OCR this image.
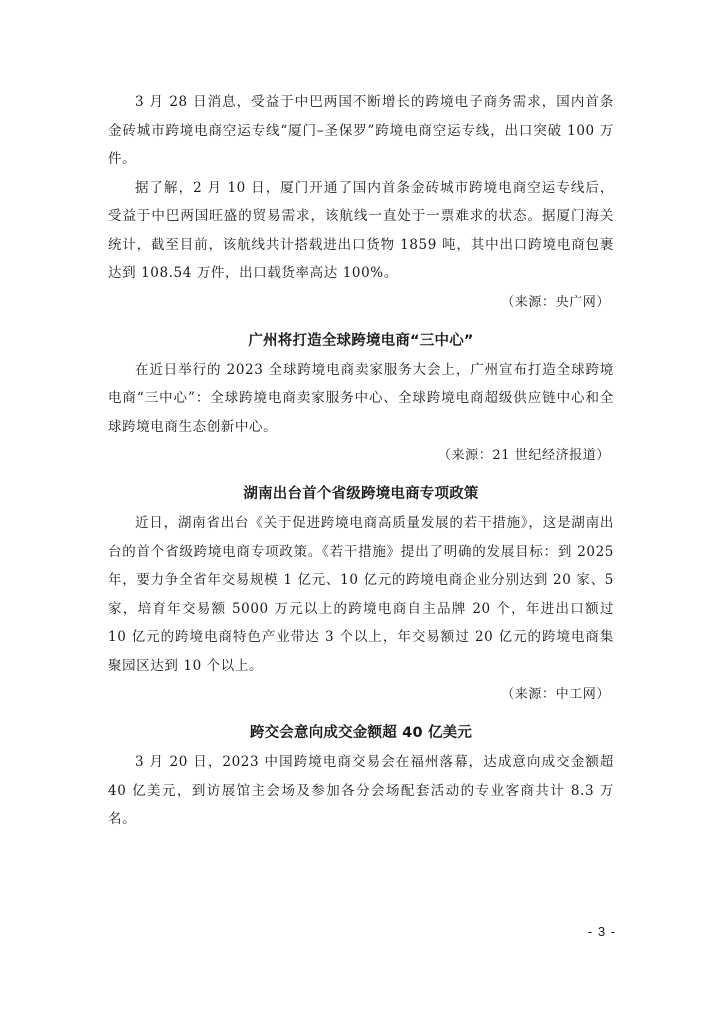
3 月 28 日消息，受益于中巴两国不断增长的跨境电子商务需求，国内首条金砖城市跨境电商空运专线“厦门–圣保罗”跨境电商空运专线，出口突破 100 万件。

据了解，2 月 10 日，厦门开通了国内首条金砖城市跨境电商空运专线后，受益于中巴两国旺盛的贸易需求，该航线一直处于一票难求的状态。据厦门海关统计，截至目前，该航线共计搭载进出口货物 1859 吨，其中出口跨境电商包裹达到 108.54 万件，出口载货率高达 100%。

（来源：央广网）

广州将打造全球跨境电商“三中心”

在近日举行的 2023 全球跨境电商卖家服务大会上，广州宣布打造全球跨境电商“三中心”：全球跨境电商卖家服务中心、全球跨境电商超级供应链中心和全球跨境电商生态创新中心。

（来源：21 世纪经济报道）

湖南出台首个省级跨境电商专项政策

近日，湖南省出台《关于促进跨境电商高质量发展的若干措施》，这是湖南出台的首个省级跨境电商专项政策。《若干措施》提出了明确的发展目标：到 2025 年，要力争全省年交易规模 1 亿元、10 亿元的跨境电商企业分别达到 20 家、5 家，培育年交易额 5000 万元以上的跨境电商自主品牌 20 个，年进出口额过 10 亿元的跨境电商特色产业带达 3 个以上，年交易额过 20 亿元的跨境电商集聚园区达到 10 个以上。

（来源：中工网）

跨交会意向成交金额超 40 亿美元

3 月 20 日，2023 中国跨境电商交易会在福州落幕，达成意向成交金额超 40 亿美元，到访展馆主会场及参加各分会场配套活动的专业客商共计 8.3 万名。

- 3 -
